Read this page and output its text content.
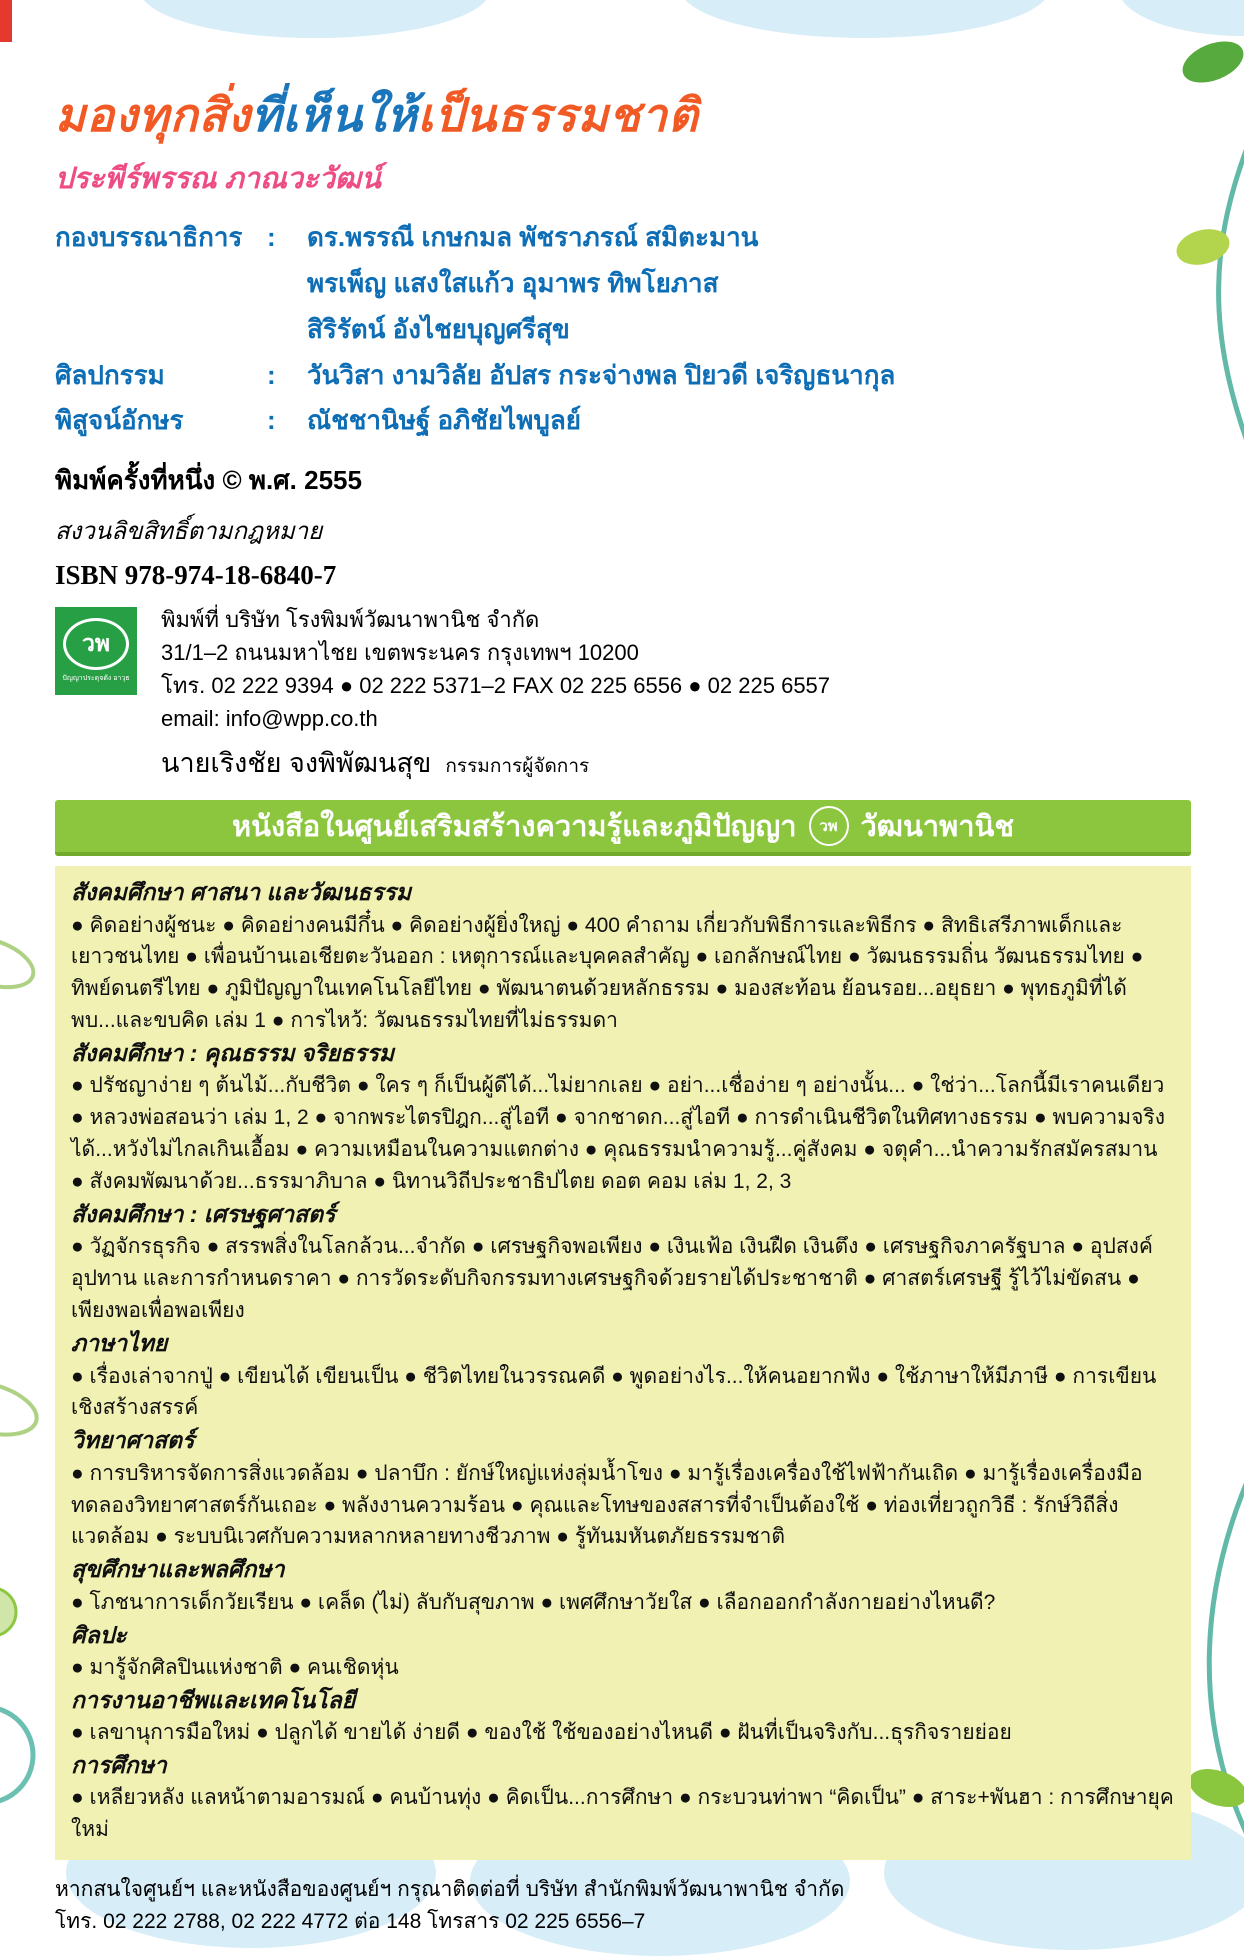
มองทุกสิ่งที่เห็นให้เป็นธรรมชาติ
ประพีร์พรรณ ภาณวะวัฒน์
กองบรรณาธิการ :	ดร.พรรณี เกษกมล พัชราภรณ์ สมิตะมาน
พรเพ็ญ แสงใสแก้ว อุมาพร ทิพโยภาส
สิริรัตน์ อังไชยบุญศรีสุข
ศิลปกรรม	:	วันวิสา งามวิลัย อัปสร กระจ่างพล ปิยวดี เจริญธนากุล
พิสูจน์อักษร	:	ณัชชานิษฐ์ อภิชัยไพบูลย์
พิมพ์ครั้งที่หนึ่ง © พ.ศ. 2555
สงวนลิขสิทธิ์ตามกฎหมาย
ISBN 978-974-18-6840-7
วพ
ปัญญาประดุจดัง อาวุธ
พิมพ์ที่ บริษัท โรงพิมพ์วัฒนาพานิช จำกัด
31/1–2 ถนนมหาไชย เขตพระนคร กรุงเทพฯ 10200
โทร. 02 222 9394 ● 02 222 5371–2 FAX 02 225 6556 ● 02 225 6557
email: info@wpp.co.th
นายเริงชัย จงพิพัฒนสุข กรรมการผู้จัดการ
หนังสือในศูนย์เสริมสร้างความรู้และภูมิปัญญา	วพ วัฒนาพานิช
สังคมศึกษา ศาสนา และวัฒนธรรม
● คิดอย่างผู้ชนะ ● คิดอย่างคนมีกึ๋น ● คิดอย่างผู้ยิ่งใหญ่ ● 400 คำถาม เกี่ยวกับพิธีการและพิธีกร ● สิทธิเสรีภาพเด็กและเยาวชนไทย ● เพื่อนบ้านเอเชียตะวันออก : เหตุการณ์และบุคคลสำคัญ ● เอกลักษณ์ไทย ● วัฒนธรรมถิ่น วัฒนธรรมไทย ● ทิพย์ดนตรีไทย ● ภูมิปัญญาในเทคโนโลยีไทย ● พัฒนาตนด้วยหลักธรรม ● มองสะท้อน ย้อนรอย...อยุธยา ● พุทธภูมิที่ได้พบ...และขบคิด เล่ม 1 ● การไหว้: วัฒนธรรมไทยที่ไม่ธรรมดา
สังคมศึกษา : คุณธรรม จริยธรรม
● ปรัชญาง่าย ๆ ต้นไม้...กับชีวิต ● ใคร ๆ ก็เป็นผู้ดีได้...ไม่ยากเลย ● อย่า...เชื่อง่าย ๆ อย่างนั้น... ● ใช่ว่า...โลกนี้มีเราคนเดียว ● หลวงพ่อสอนว่า เล่ม 1, 2 ● จากพระไตรปิฎก...สู่ไอที ● จากชาดก...สู่ไอที ● การดำเนินชีวิตในทิศทางธรรม ● พบความจริงได้...หวังไม่ไกลเกินเอื้อม ● ความเหมือนในความแตกต่าง ● คุณธรรมนำความรู้...คู่สังคม ● จตุคำ...นำความรักสมัครสมาน ● สังคมพัฒนาด้วย...ธรรมาภิบาล ● นิทานวิถีประชาธิปไตย ดอต คอม เล่ม 1, 2, 3
สังคมศึกษา : เศรษฐศาสตร์
● วัฏจักรธุรกิจ ● สรรพสิ่งในโลกล้วน...จำกัด ● เศรษฐกิจพอเพียง ● เงินเฟ้อ เงินฝืด เงินตึง ● เศรษฐกิจภาครัฐบาล ● อุปสงค์ อุปทาน และการกำหนดราคา ● การวัดระดับกิจกรรมทางเศรษฐกิจด้วยรายได้ประชาชาติ ● ศาสตร์เศรษฐี รู้ไว้ไม่ขัดสน ● เพียงพอเพื่อพอเพียง
ภาษาไทย
● เรื่องเล่าจากปู่ ● เขียนได้ เขียนเป็น ● ชีวิตไทยในวรรณคดี ● พูดอย่างไร...ให้คนอยากฟัง ● ใช้ภาษาให้มีภาษี ● การเขียนเชิงสร้างสรรค์
วิทยาศาสตร์
● การบริหารจัดการสิ่งแวดล้อม ● ปลาบึก : ยักษ์ใหญ่แห่งลุ่มน้ำโขง ● มารู้เรื่องเครื่องใช้ไฟฟ้ากันเถิด ● มารู้เรื่องเครื่องมือทดลองวิทยาศาสตร์กันเถอะ ● พลังงานความร้อน ● คุณและโทษของสสารที่จำเป็นต้องใช้ ● ท่องเที่ยวถูกวิธี : รักษ์วิถีสิ่งแวดล้อม ● ระบบนิเวศกับความหลากหลายทางชีวภาพ ● รู้ทันมหันตภัยธรรมชาติ
สุขศึกษาและพลศึกษา
● โภชนาการเด็กวัยเรียน ● เคล็ด (ไม่) ลับกับสุขภาพ ● เพศศึกษาวัยใส ● เลือกออกกำลังกายอย่างไหนดี?
ศิลปะ
● มารู้จักศิลปินแห่งชาติ ● คนเชิดหุ่น
การงานอาชีพและเทคโนโลยี
● เลขานุการมือใหม่ ● ปลูกได้ ขายได้ ง่ายดี ● ของใช้ ใช้ของอย่างไหนดี ● ฝันที่เป็นจริงกับ...ธุรกิจรายย่อย
การศึกษา
● เหลียวหลัง แลหน้าตามอารมณ์ ● คนบ้านทุ่ง ● คิดเป็น...การศึกษา ● กระบวนท่าพา “คิดเป็น” ● สาระ+พันฮา : การศึกษายุคใหม่
หากสนใจศูนย์ฯ และหนังสือของศูนย์ฯ กรุณาติดต่อที่ บริษัท สำนักพิมพ์วัฒนาพานิช จำกัด
โทร. 02 222 2788, 02 222 4772 ต่อ 148 โทรสาร 02 225 6556–7
